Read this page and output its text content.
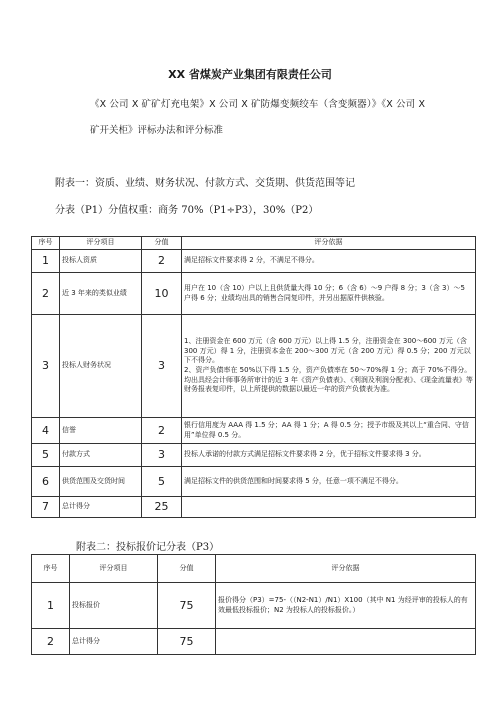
XX 省煤炭产业集团有限责任公司
《X 公司 X 矿矿灯充电架》X 公司 X 矿防爆变频绞车（含变频器）》《X 公司 X 矿开关柜》评标办法和评分标准
附表一：资质、业绩、财务状况、付款方式、交货期、供货范围等记
分表（P1）分值权重：商务 70%（P1÷P3），30%（P2）
序号	评分项目	分值	评分依据
1	投标人资质	2	满足招标文件要求得 2 分，不满足不得分。
2	近 3 年来的类似业绩	10	用户在 10（含 10）户以上且供货量大得 10 分；6（含 6）～9 户得 8 分；3（含 3）～5 户得 6 分；业绩均出具的销售合同复印件，并另出据原件供核验。
3	投标人财务状况	3	1、注册资金在 600 万元（含 600 万元）以上得 1.5 分，注册资金在 300～600 万元（含 300 万元）得 1 分，注册资本金在 200～300 万元（含 200 万元）得 0.5 分；200 万元以下不得分。
2、资产负债率在 50%以下得 1.5 分，资产负债率在 50～70%得 1 分；高于 70%不得分。
均出具经会计师事务所审计的近 3 年《资产负债表》、《利润及利润分配表》、《现金流量表》等财务报表复印件，以上所提供的数据以最近一年的资产负债表为准。

4	信誉	2	银行信用度为 AAA 得 1.5 分；AA 得 1 分；A 得 0.5 分；授予市级及其以上“重合同、守信用”单位得 0.5 分。
5	付款方式	3	投标人承诺的付款方式满足招标文件要求得 2 分，优于招标文件要求得 3 分。
6	供货范围及交货时间	5	满足招标文件的供货范围和时间要求得 5 分，任意一项不满足不得分。
7	总计得分	25	
附表二：投标报价记分表（P3）
序号	评分项目	分值	评分依据
1	投标报价	75	报价得分（P3）=75-（（N2-N1）/N1）X100（其中 N1 为经评审的投标人的有效最低投标报价；N2 为投标人的投标报价。）
2	总计得分	75	
